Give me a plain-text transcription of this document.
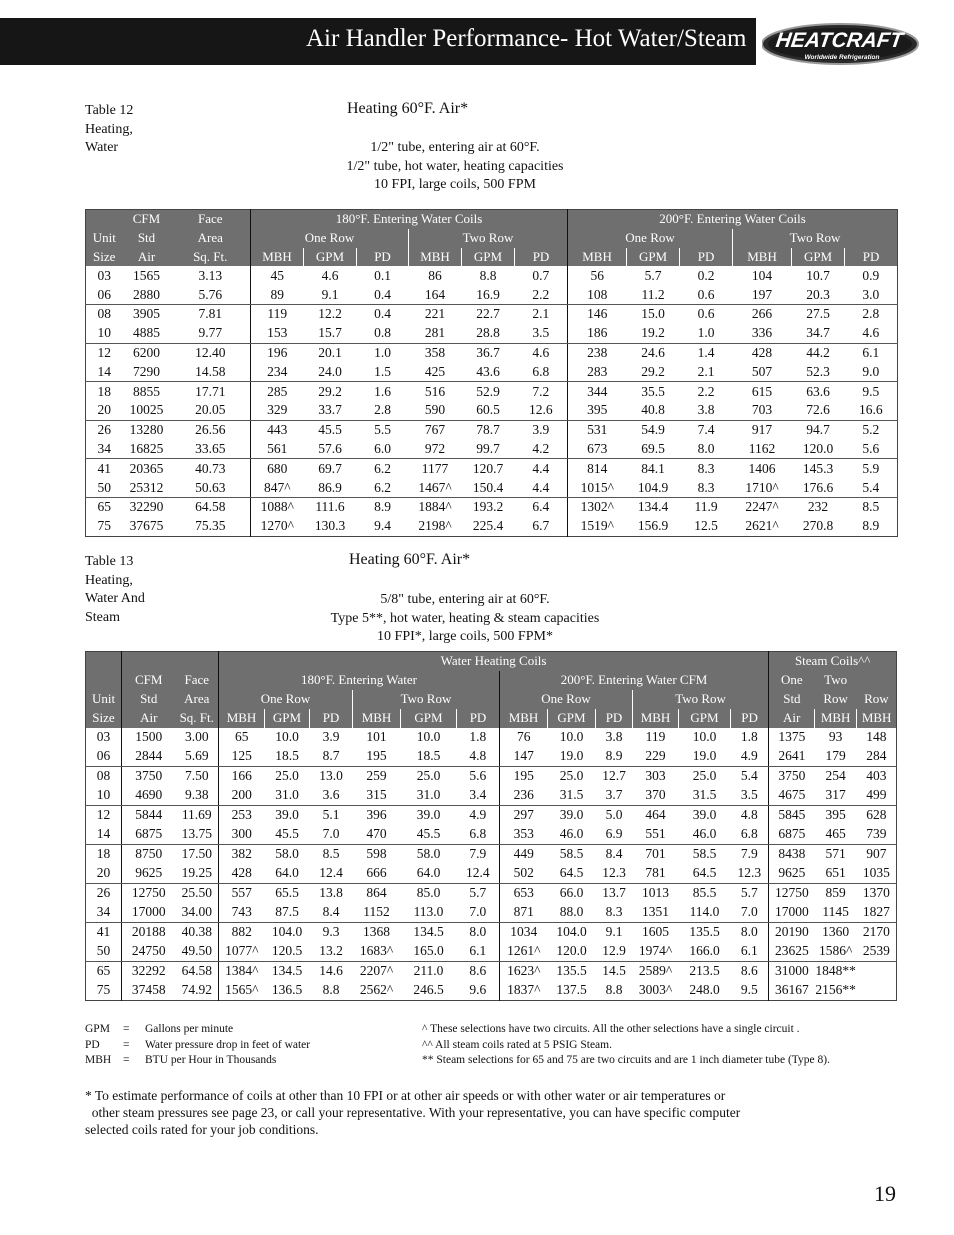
Air Handler Performance- Hot Water/Steam HEATCRAFT
Worldwide Refrigeration
Table 12
Heating,
Water
Heating 60°F. Air*
1/2" tube, entering air at 60°F.
1/2" tube, hot water, heating capacities
10 FPI, large coils, 500 FPM
	CFM	Face	180°F. Entering Water Coils						200°F. Entering Water Coils					
Unit	Std	Area	One Row			Two Row			One Row			Two Row		
Size	Air	Sq. Ft.	MBH	GPM	PD	MBH	GPM	PD	MBH	GPM	PD	MBH	GPM	PD
03	1565	3.13	45	4.6	0.1	86	8.8	0.7	56	5.7	0.2	104	10.7	0.9
06	2880	5.76	89	9.1	0.4	164	16.9	2.2	108	11.2	0.6	197	20.3	3.0
08	3905	7.81	119	12.2	0.4	221	22.7	2.1	146	15.0	0.6	266	27.5	2.8
10	4885	9.77	153	15.7	0.8	281	28.8	3.5	186	19.2	1.0	336	34.7	4.6
12	6200	12.40	196	20.1	1.0	358	36.7	4.6	238	24.6	1.4	428	44.2	6.1
14	7290	14.58	234	24.0	1.5	425	43.6	6.8	283	29.2	2.1	507	52.3	9.0
18	8855	17.71	285	29.2	1.6	516	52.9	7.2	344	35.5	2.2	615	63.6	9.5
20	10025	20.05	329	33.7	2.8	590	60.5	12.6	395	40.8	3.8	703	72.6	16.6
26	13280	26.56	443	45.5	5.5	767	78.7	3.9	531	54.9	7.4	917	94.7	5.2
34	16825	33.65	561	57.6	6.0	972	99.7	4.2	673	69.5	8.0	1162	120.0	5.6
41	20365	40.73	680	69.7	6.2	1177	120.7	4.4	814	84.1	8.3	1406	145.3	5.9
50	25312	50.63	847^	86.9	6.2	1467^	150.4	4.4	1015^	104.9	8.3	1710^	176.6	5.4
65	32290	64.58	1088^	111.6	8.9	1884^	193.2	6.4	1302^	134.4	11.9	2247^	232	8.5
75	37675	75.35	1270^	130.3	9.4	2198^	225.4	6.7	1519^	156.9	12.5	2621^	270.8	8.9
Table 13
Heating,
Water And
Steam
Heating 60°F. Air*
5/8" tube, entering air at 60°F.
Type 5**, hot water, heating & steam capacities
10 FPI*, large coils, 500 FPM*
			Water Heating Coils												Steam Coils^^		
	CFM	Face	180°F. Entering Water						200°F. Entering Water CFM						One	Two	
Unit	Std	Area	One Row			Two Row			One Row			Two Row			Std	Row	Row
Size	Air	Sq. Ft.	MBH	GPM	PD	MBH	GPM	PD	MBH	GPM	PD	MBH	GPM	PD	Air	MBH	MBH
03	1500	3.00	65	10.0	3.9	101	10.0	1.8	76	10.0	3.8	119	10.0	1.8	1375	93	148
06	2844	5.69	125	18.5	8.7	195	18.5	4.8	147	19.0	8.9	229	19.0	4.9	2641	179	284
08	3750	7.50	166	25.0	13.0	259	25.0	5.6	195	25.0	12.7	303	25.0	5.4	3750	254	403
10	4690	9.38	200	31.0	3.6	315	31.0	3.4	236	31.5	3.7	370	31.5	3.5	4675	317	499
12	5844	11.69	253	39.0	5.1	396	39.0	4.9	297	39.0	5.0	464	39.0	4.8	5845	395	628
14	6875	13.75	300	45.5	7.0	470	45.5	6.8	353	46.0	6.9	551	46.0	6.8	6875	465	739
18	8750	17.50	382	58.0	8.5	598	58.0	7.9	449	58.5	8.4	701	58.5	7.9	8438	571	907
20	9625	19.25	428	64.0	12.4	666	64.0	12.4	502	64.5	12.3	781	64.5	12.3	9625	651	1035
26	12750	25.50	557	65.5	13.8	864	85.0	5.7	653	66.0	13.7	1013	85.5	5.7	12750	859	1370
34	17000	34.00	743	87.5	8.4	1152	113.0	7.0	871	88.0	8.3	1351	114.0	7.0	17000	1145	1827
41	20188	40.38	882	104.0	9.3	1368	134.5	8.0	1034	104.0	9.1	1605	135.5	8.0	20190	1360	2170
50	24750	49.50	1077^	120.5	13.2	1683^	165.0	6.1	1261^	120.0	12.9	1974^	166.0	6.1	23625	1586^	2539
65	32292	64.58	1384^	134.5	14.6	2207^	211.0	8.6	1623^	135.5	14.5	2589^	213.5	8.6	31000	1848**	
75	37458	74.92	1565^	136.5	8.8	2562^	246.5	9.6	1837^	137.5	8.8	3003^	248.0	9.5	36167	2156**	
GPM = Gallons per minute
PD = Water pressure drop in feet of water
MBH = BTU per Hour in Thousands
^ These selections have two circuits. All the other selections have a single circuit .
^^ All steam coils rated at 5 PSIG Steam.
** Steam selections for 65 and 75 are two circuits and are 1 inch diameter tube (Type 8).
* To estimate performance of coils at other than 10 FPI or at other air speeds or with other water or air temperatures or
other steam pressures see page 23, or call your representative. With your representative, you can have specific computer
selected coils rated for your job conditions.
19
